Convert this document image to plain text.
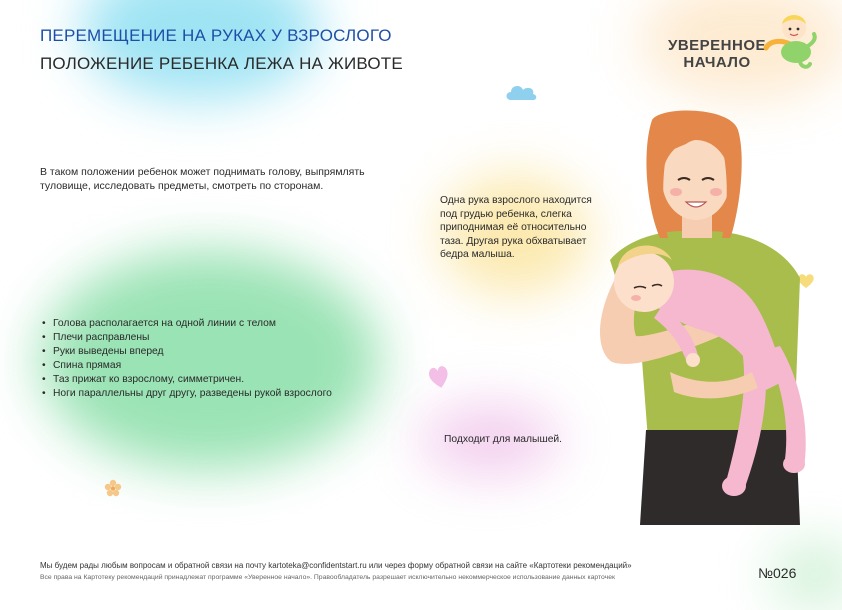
ПЕРЕМЕЩЕНИЕ НА РУКАХ У ВЗРОСЛОГО
ПОЛОЖЕНИЕ РЕБЕНКА ЛЕЖА НА ЖИВОТЕ
УВЕРЕННОЕ
НАЧАЛО
В таком положении ребенок может поднимать голову, выпрямлять туловище, исследовать предметы, смотреть по сторонам.
• Голова располагается на одной линии с телом
• Плечи расправлены
• Руки выведены вперед
• Спина прямая
• Таз прижат ко взрослому, симметричен.
• Ноги параллельны друг другу, разведены рукой взрослого
Одна рука взрослого находится под грудью ребенка, слегка приподнимая её относительно таза. Другая рука обхватывает бедра малыша.
Подходит для малышей.
Мы будем рады любым вопросам и обратной связи на почту kartoteka@confidentstart.ru или через форму обратной связи на сайте «Картотеки рекомендаций»
Все права на Картотеку рекомендаций принадлежат программе «Уверенное начало». Правообладатель разрешает исключительно некоммерческое использование данных карточек	№026
